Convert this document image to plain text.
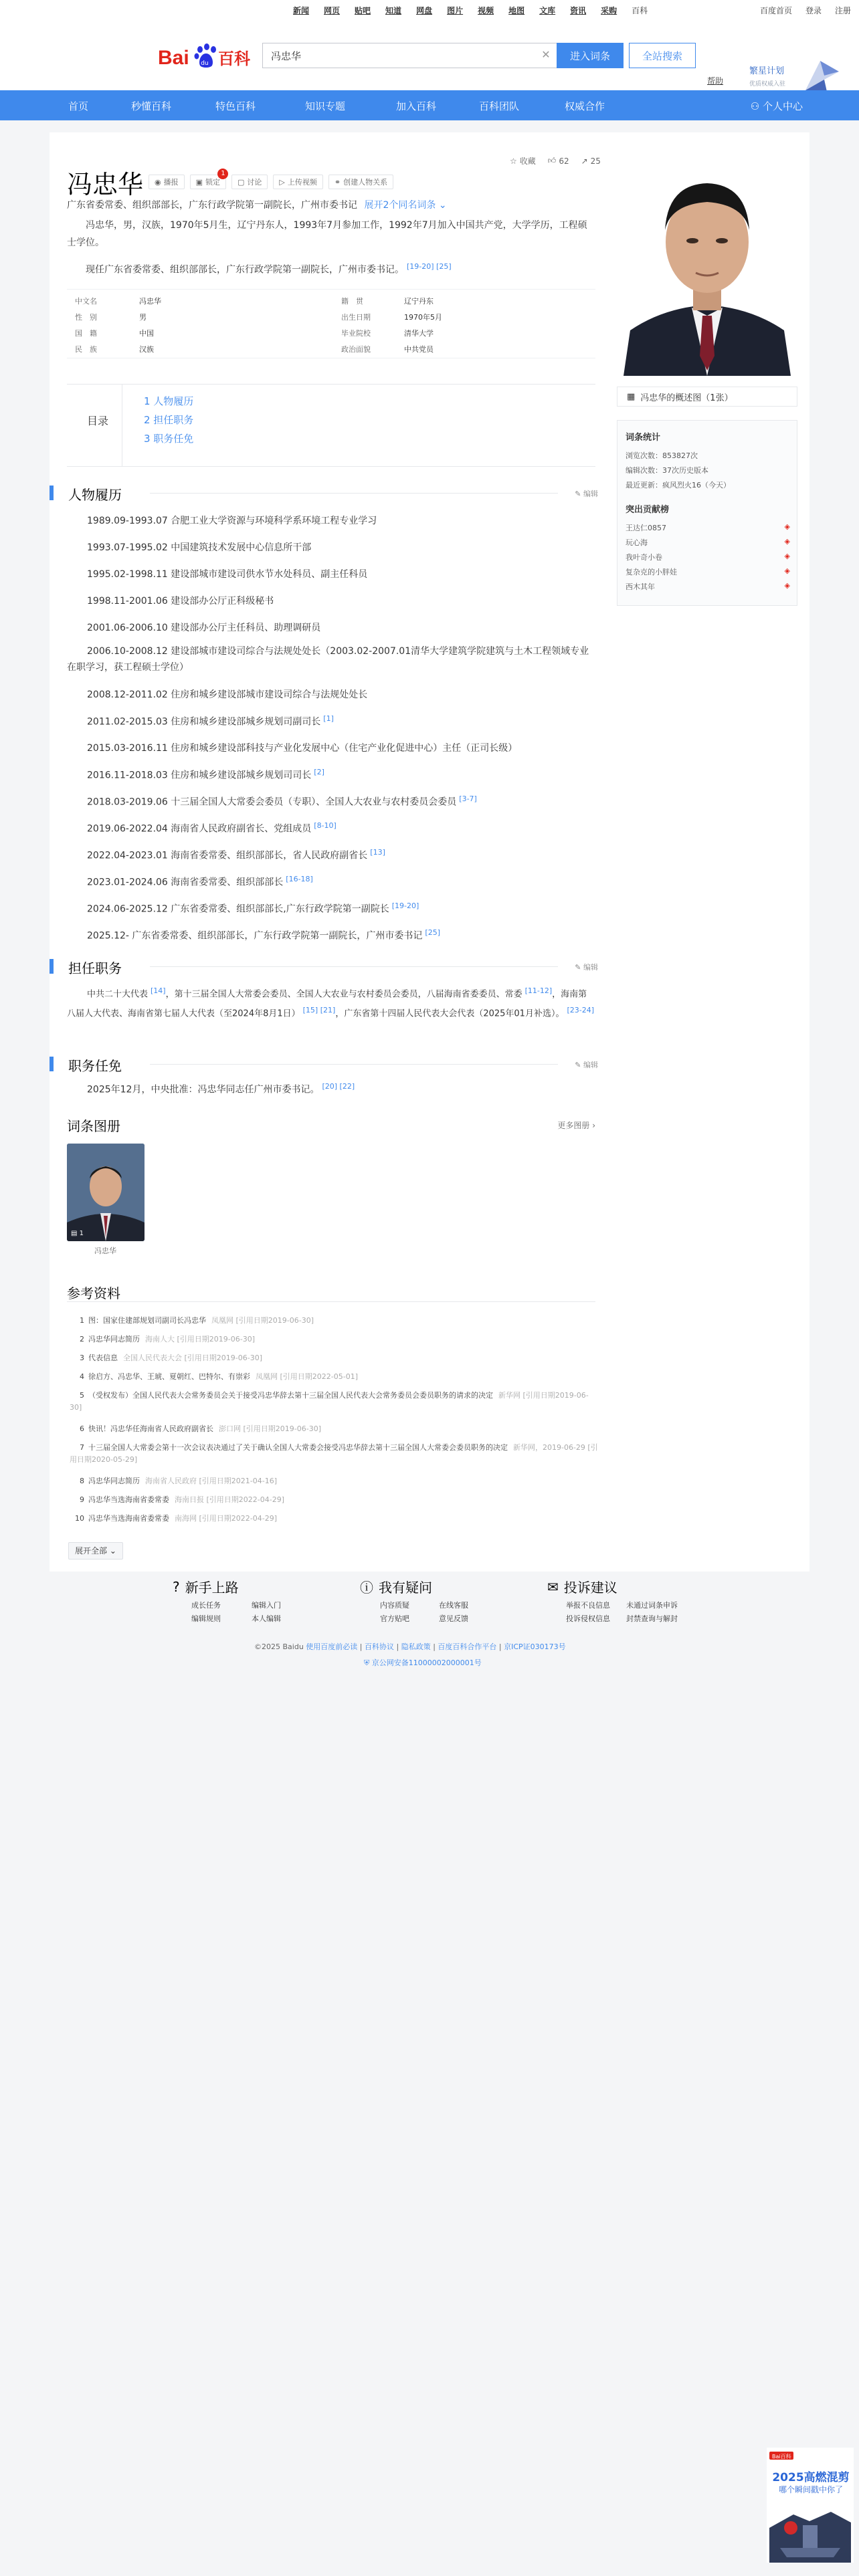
新闻 网页 贴吧 知道 网盘 图片 视频 地图 文库 资讯 采购 百科	百度首页 登录 注册
Bai du 百科	冯忠华	✕	进入词条	全站搜索
帮助
繁星计划
优质权威入驻
首页	秒懂百科	特色百科	知识专题	加入百科	百科团队	权威合作	⚇ 个人中心
冯忠华 ◉ 播报 ▣ 锁定
1
▢ 讨论 ▷ 上传视频 ⚭ 创建人物关系
☆ 收藏 👍︎ 62 ↗ 25
广东省委常委、组织部部长，广东行政学院第一副院长，广州市委书记 展开2个同名词条 ⌄
冯忠华，男，汉族，1970年5月生，辽宁丹东人，1993年7月参加工作，1992年7月加入中国共产党，大学学历，工程硕士学位。
现任广东省委常委、组织部部长，广东行政学院第一副院长，广州市委书记。 [19-20] [25]
中文名	冯忠华	籍　贯	辽宁丹东
性　别	男	出生日期	1970年5月
国　籍	中国	毕业院校	清华大学
民　族	汉族	政治面貌	中共党员
目录
1 人物履历
2 担任职务
3 职务任免
人物履历	✎ 编辑
1989.09-1993.07 合肥工业大学资源与环境科学系环境工程专业学习
1993.07-1995.02 中国建筑技术发展中心信息所干部
1995.02-1998.11 建设部城市建设司供水节水处科员、副主任科员
1998.11-2001.06 建设部办公厅正科级秘书
2001.06-2006.10 建设部办公厅主任科员、助理调研员
2006.10-2008.12 建设部城市建设司综合与法规处处长（2003.02-2007.01清华大学建筑学院建筑与土木工程领域专业在职学习，获工程硕士学位）
2008.12-2011.02 住房和城乡建设部城市建设司综合与法规处处长
2011.02-2015.03 住房和城乡建设部城乡规划司副司长 [1]
2015.03-2016.11 住房和城乡建设部科技与产业化发展中心（住宅产业化促进中心）主任（正司长级）
2016.11-2018.03 住房和城乡建设部城乡规划司司长 [2]
2018.03-2019.06 十三届全国人大常委会委员（专职）、全国人大农业与农村委员会委员 [3-7]
2019.06-2022.04 海南省人民政府副省长、党组成员 [8-10]
2022.04-2023.01 海南省委常委、组织部部长，省人民政府副省长 [13]
2023.01-2024.06 海南省委常委、组织部部长 [16-18]
2024.06-2025.12 广东省委常委、组织部部长,广东行政学院第一副院长 [19-20]
2025.12- 广东省委常委、组织部部长，广东行政学院第一副院长，广州市委书记 [25]
担任职务	✎ 编辑
中共二十大代表 [14]，第十三届全国人大常委会委员、全国人大农业与农村委员会委员，八届海南省委委员、常委 [11-12]，海南第八届人大代表、海南省第七届人大代表（至2024年8月1日） [15] [21]，广东省第十四届人民代表大会代表（2025年01月补选）。 [23-24]
职务任免	✎ 编辑
2025年12月，中央批准：冯忠华同志任广州市委书记。 [20] [22]
词条图册	更多图册 ›
▤ 1
冯忠华
参考资料
1 图：国家住建部规划司副司长冯忠华 凤凰网 [引用日期2019-06-30]
2 冯忠华同志简历 海南人大 [引用日期2019-06-30]
3 代表信息 全国人民代表大会 [引用日期2019-06-30]
4 徐启方、冯忠华、王琥、夏朝红、巴特尔、有崇彩 凤凰网 [引用日期2022-05-01]
5 （受权发布）全国人民代表大会常务委员会关于接受冯忠华辞去第十三届全国人民代表大会常务委员会委员职务的请求的决定 新华网 [引用日期2019-06-30]
6 快讯！冯忠华任海南省人民政府副省长 澎口网 [引用日期2019-06-30]
7 十三届全国人大常委会第十一次会议表决通过了关于确认全国人大常委会接受冯忠华辞去第十三届全国人大常委会委员职务的决定 新华网，2019-06-29 [引用日期2020-05-29]
8 冯忠华同志简历 海南省人民政府 [引用日期2021-04-16]
9 冯忠华当选海南省委常委 海南日报 [引用日期2022-04-29]
10 冯忠华当选海南省委常委 南海网 [引用日期2022-04-29]
展开全部 ⌄
▦ 冯忠华的概述图（1张）
词条统计
浏览次数：853827次
编辑次数：37次历史版本
最近更新：疯风烈火16（今天）
突出贡献榜
王达仁0857	◈
玩心海	◈
我叶奇小卷	◈
复杂克的小胖娃	◈
西木其年	◈
? 新手上路
成长任务	编辑入门
编辑规则	本人编辑
ⓘ 我有疑问
内容质疑	在线客服
官方贴吧	意见反馈
✉ 投诉建议
举报不良信息 未通过词条申诉
投诉侵权信息 封禁查询与解封
©2025 Baidu 使用百度前必读 | 百科协议 | 隐私政策 | 百度百科合作平台 | 京ICP证030173号
⛨ 京公网安备11000002000001号
Bai百科
2025高燃混剪
哪个瞬间戳中你了
